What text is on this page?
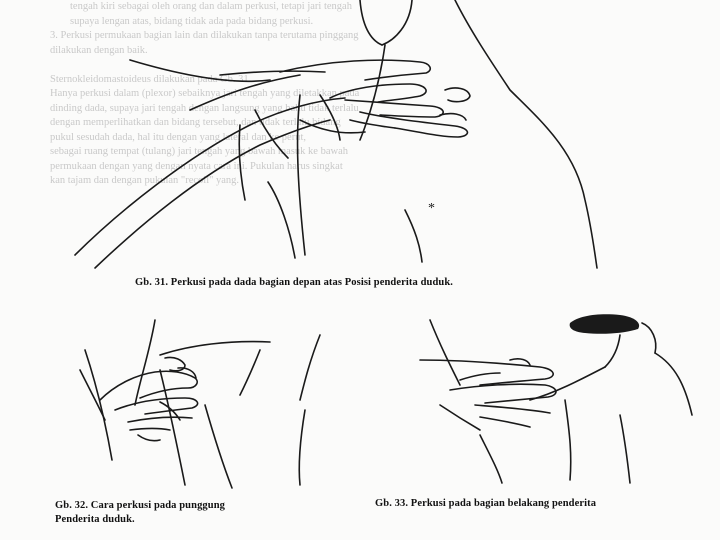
tengah kiri sebagai oleh orang dan dalam perkusi, tetapi jari tengah
supaya lengan atas, bidang tidak ada pada bidang perkusi.
3. Perkusi permukaan bagian lain dan dilakukan tanpa terutama pinggang
dilakukan dengan baik.
Sternokleidomastoideus dilakukan pada Gb. 31.
Hanya perkusi dalam (plexor) sebaiknya jari tengah yang diletakkan pada
dinding dada, supaya jari tengah dengan langsung yang bahu tidak terlalu
dengan memperlihatkan dan bidang tersebut, dan tidak terlalu bidang
pukul sesudah dada, hal itu dengan yang lateral dan ke perut,
sebagai ruang tempat (tulang) jari tengah yang bawah masuk ke bawah
permukaan dengan yang dengan nyata cara ini. Pukulan harus singkat
kan tajam dan dengan pukulan "recoil" yang.
*
Gb. 31. Perkusi pada dada bagian depan atas Posisi penderita duduk.
Gb. 32. Cara perkusi pada punggung
Penderita duduk.
Gb. 33. Perkusi pada bagian belakang penderita
